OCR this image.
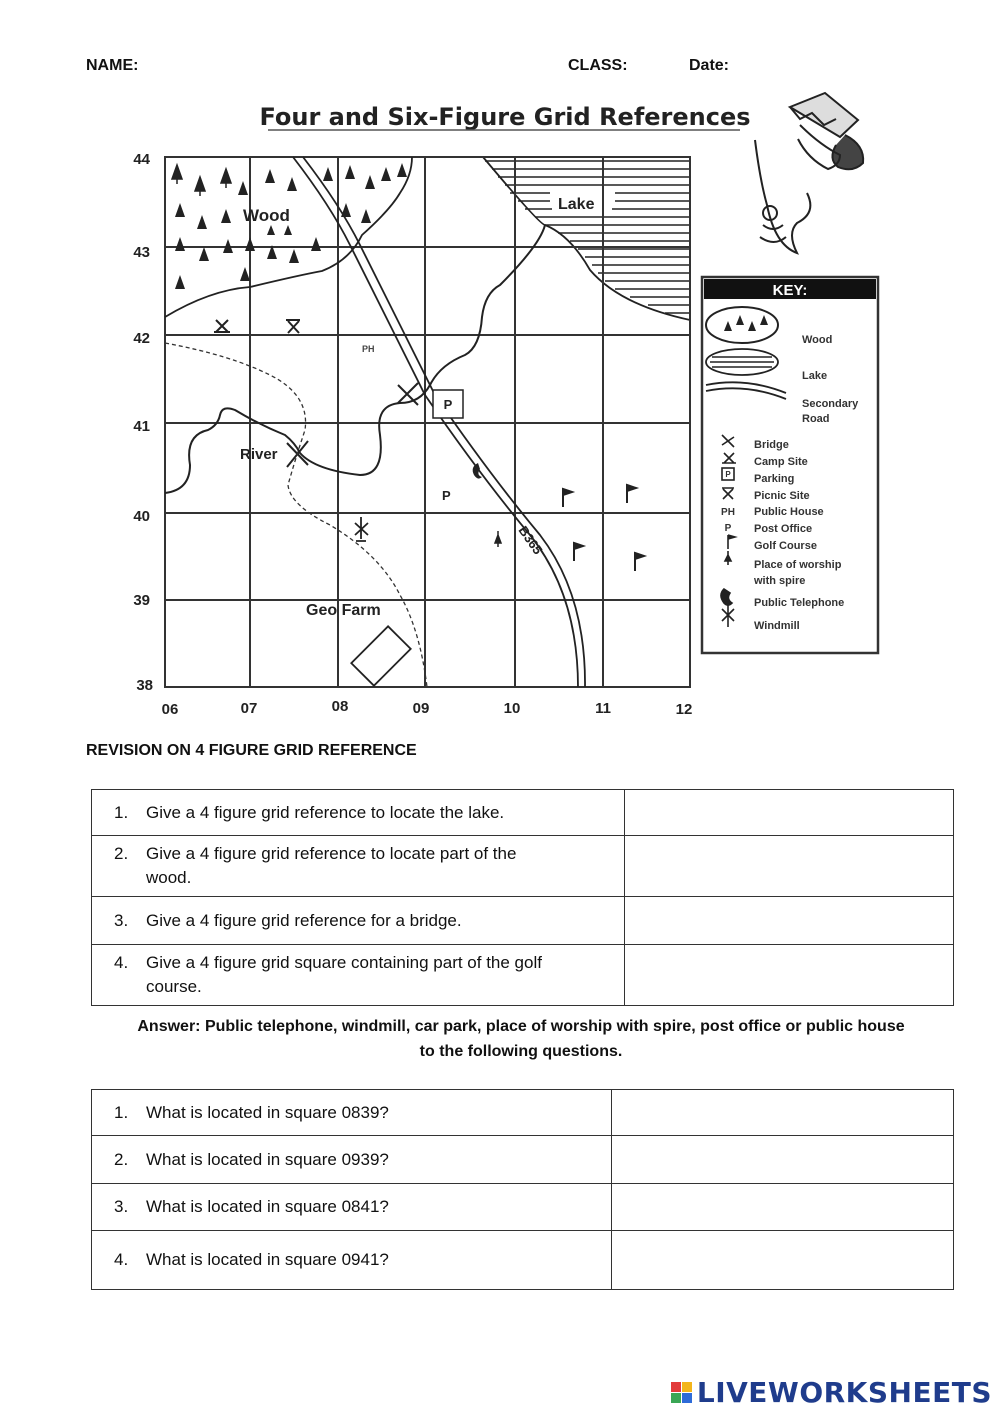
NAME:	CLASS:	Date:
Four and Six-Figure Grid References
Lake
44
43
42
41
40
39
38
06	07	08	09	10	11	12
Wood
B365
River
Geo Farm
PH
P
P
KEY:
Wood
Lake
Secondary
Road
PH
P
P
Bridge
Camp Site
Parking
Picnic Site
Public House
Post Office
Golf Course
Place of worship
with spire
Public Telephone
Windmill
REVISION ON 4 FIGURE GRID REFERENCE
1. Give a 4 figure grid reference to locate the lake.	
2. Give a 4 figure grid reference to locate part of the
wood.	
3. Give a 4 figure grid reference for a bridge.	
4. Give a 4 figure grid square containing part of the golf
course.	
Answer: Public telephone, windmill, car park, place of worship with spire, post office or public house
to the following questions.
1. What is located in square 0839?	
2. What is located in square 0939?	
3. What is located in square 0841?	
4. What is located in square 0941?	
LIVEWORKSHEETS
